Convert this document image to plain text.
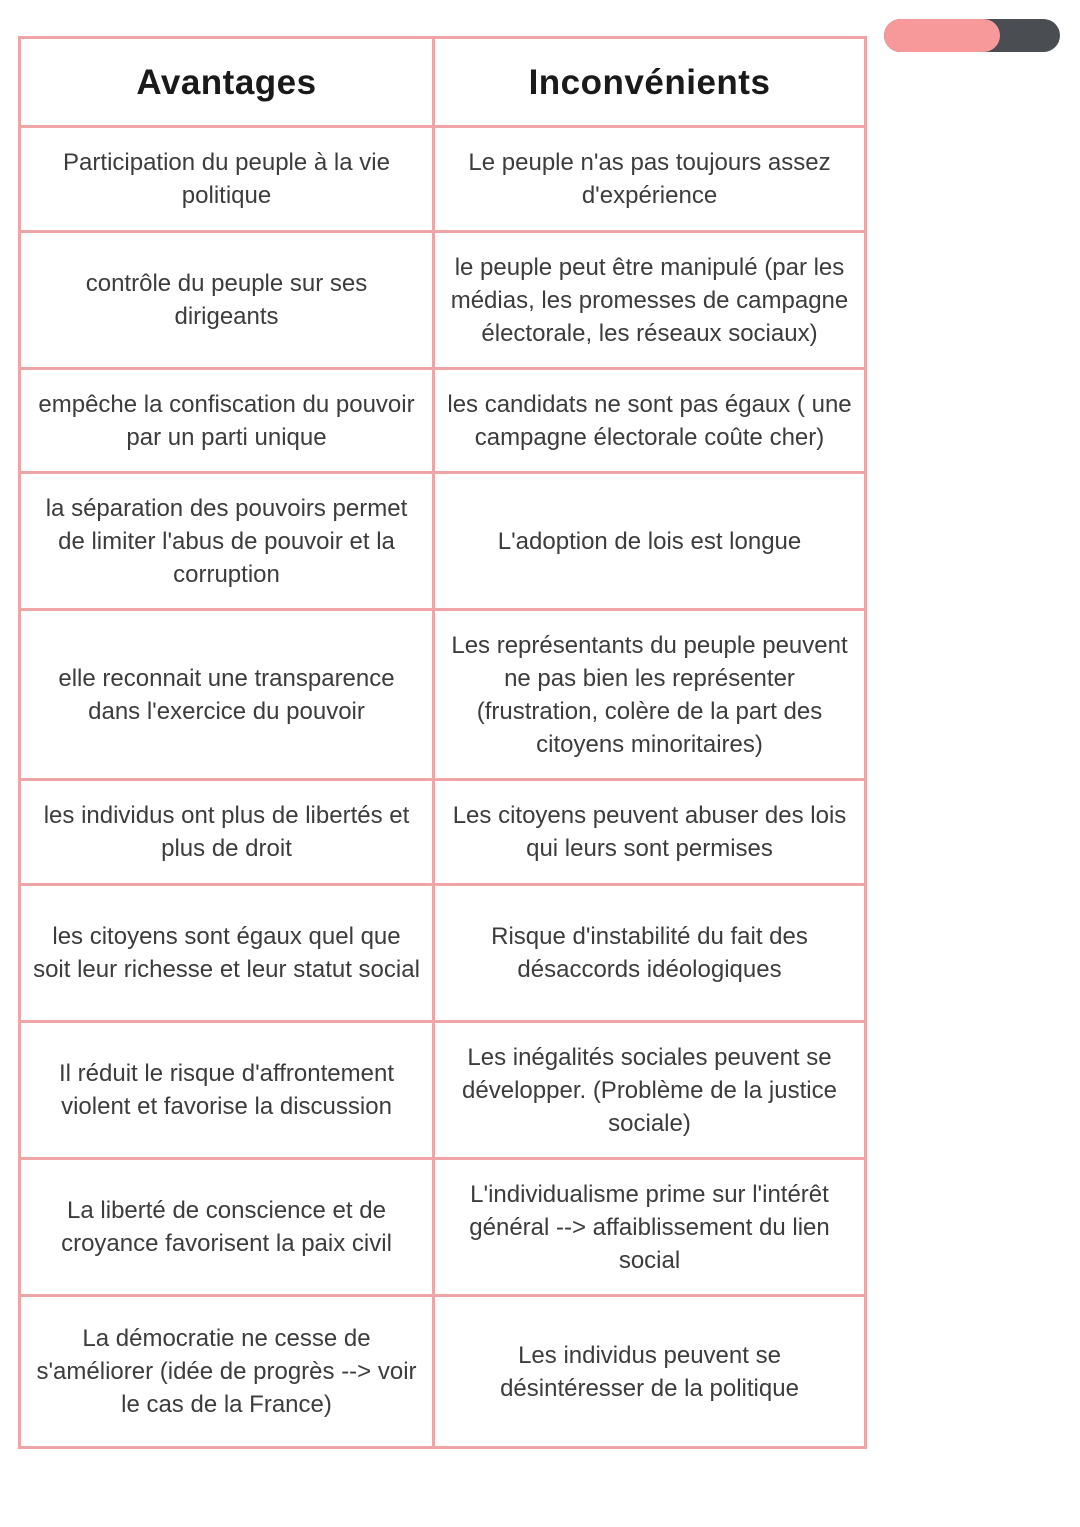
Avantages	Inconvénients
Participation du peuple à la vie politique	Le peuple n'as pas toujours assez d'expérience
contrôle du peuple sur ses dirigeants	le peuple peut être manipulé (par les médias, les promesses de campagne électorale, les réseaux sociaux)
empêche la confiscation du pouvoir par un parti unique	les candidats ne sont pas égaux ( une campagne électorale coûte cher)
la séparation des pouvoirs permet de limiter l'abus de pouvoir et la corruption	L'adoption de lois est longue
elle reconnait une transparence dans l'exercice du pouvoir	Les représentants du peuple peuvent ne pas bien les représenter (frustration, colère de la part des citoyens minoritaires)
les individus ont plus de libertés et plus de droit	Les citoyens peuvent abuser des lois qui leurs sont permises
les citoyens sont égaux quel que soit leur richesse et leur statut social	Risque d'instabilité du fait des désaccords idéologiques
Il réduit le risque d'affrontement violent et favorise la discussion	Les inégalités sociales peuvent se développer. (Problème de la justice sociale)
La liberté de conscience et de croyance favorisent la paix civil	L'individualisme prime sur l'intérêt général --> affaiblissement du lien social
La démocratie ne cesse de s'améliorer (idée de progrès --> voir le cas de la France)	Les individus peuvent se désintéresser de la politique
